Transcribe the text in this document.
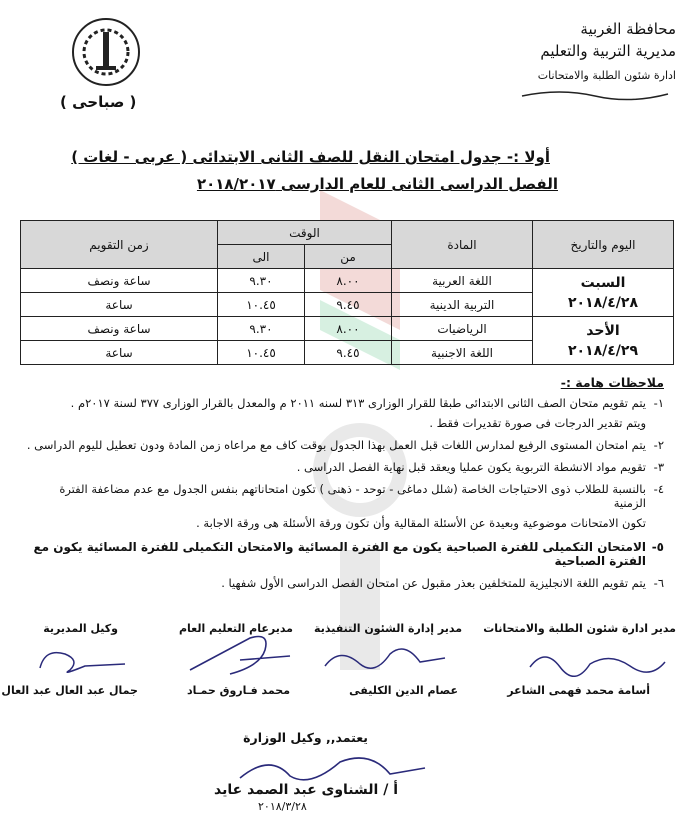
محافظة الغربية
مديرية التربية والتعليم
ادارة شئون الطلبة والامتحانات
( صباحى )
أولا :- جدول امتحان النقل للصف الثانى الابتدائى ( عربى - لغات )
الفصل الدراسى الثانى للعام الدارسى ٢٠١٨/٢٠١٧
اليوم والتاريخ	المادة	الوقت		زمن التقويم
		من	الى	

السبت
٢٠١٨/٤/٢٨	اللغة العربية	٨.٠٠	٩.٣٠	ساعة ونصف
	التربية الدينية	٩.٤٥	١٠.٤٥	ساعة

الأحد
٢٠١٨/٤/٢٩	الرياضيات	٨.٠٠	٩.٣٠	ساعة ونصف
	اللغة الاجنبية	٩.٤٥	١٠.٤٥	ساعة
ملاحظات هامة :-
١-
يتم تقويم متحان الصف الثانى الابتدائى طبقا للقرار الوزارى ٣١٣ لسنه ٢٠١١ م والمعدل بالقرار الوزارى ٣٧٧ لسنة ٢٠١٧م .
ويتم تقدير الدرجات فى صورة تقديرات فقط .
٢-
يتم امتحان المستوى الرفيع لمدارس اللغات قبل العمل بهذا الجدول بوقت كاف مع مراعاه زمن المادة ودون تعطيل لليوم الدراسى .
٣-
تقويم مواد الانشطة التربوية يكون عمليا ويعقد قبل نهاية الفصل الدراسى .
٤-
بالنسبة للطلاب ذوى الاحتياجات الخاصة (شلل دماغى - توحد - ذهنى ) تكون امتحاناتهم بنفس الجدول مع عدم مضاعفة الفترة الزمنية
تكون الامتحانات موضوعية وبعيدة عن الأسئلة المقالية وأن تكون ورقة الأسئلة هى ورقة الاجابة .
٥-
الامتحان التكميلى للفترة الصباحية يكون مع الفترة المسائية والامتحان التكميلى للفترة المسائية يكون مع الفترة الصباحية
٦-
يتم تقويم اللغة الانجليزية للمتخلفين بعذر مقبول عن امتحان الفصل الدراسى الأول شفهيا .
مدير ادارة شئون الطلبة والامتحانات
مدير إدارة الشئون التنفيذية
مديرعام التعليم العام
وكيل المديرية
أسامة محمد فهمى الشاعر
عصام الدين الكليفى
محمد فـاروق حمـاد
جمال عبد العال عبد العال
يعتمد,, وكيل الوزارة
أ / الشناوى عبد الصمد عايد
٢٠١٨/٣/٢٨
